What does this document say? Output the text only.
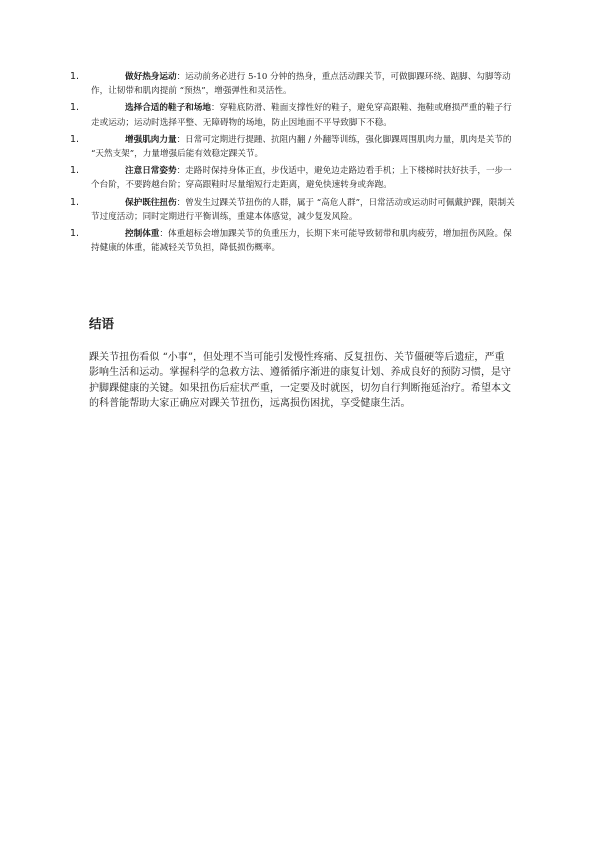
1.	做好热身运动：运动前务必进行 5-10 分钟的热身，重点活动踝关节，可做脚踝环绕、踮脚、勾脚等动作，让韧带和肌肉提前 “预热”，增强弹性和灵活性。
1.	选择合适的鞋子和场地：穿鞋底防滑、鞋面支撑性好的鞋子，避免穿高跟鞋、拖鞋或磨损严重的鞋子行走或运动；运动时选择平整、无障碍物的场地，防止因地面不平导致脚下不稳。
1.	增强肌肉力量：日常可定期进行提踵、抗阻内翻 / 外翻等训练，强化脚踝周围肌肉力量，肌肉是关节的 “天然支架”，力量增强后能有效稳定踝关节。
1.	注意日常姿势：走路时保持身体正直，步伐适中，避免边走路边看手机；上下楼梯时扶好扶手，一步一个台阶，不要跨越台阶；穿高跟鞋时尽量缩短行走距离，避免快速转身或奔跑。
1.	保护既往扭伤：曾发生过踝关节扭伤的人群，属于 “高危人群”，日常活动或运动时可佩戴护踝，限制关节过度活动；同时定期进行平衡训练，重建本体感觉，减少复发风险。
1.	控制体重：体重超标会增加踝关节的负重压力，长期下来可能导致韧带和肌肉疲劳，增加扭伤风险。保持健康的体重，能减轻关节负担，降低损伤概率。
结语

踝关节扭伤看似 “小事”，但处理不当可能引发慢性疼痛、反复扭伤、关节僵硬等后遗症，严重影响生活和运动。掌握科学的急救方法、遵循循序渐进的康复计划、养成良好的预防习惯，是守护脚踝健康的关键。如果扭伤后症状严重，一定要及时就医，切勿自行判断拖延治疗。希望本文的科普能帮助大家正确应对踝关节扭伤，远离损伤困扰，享受健康生活。
